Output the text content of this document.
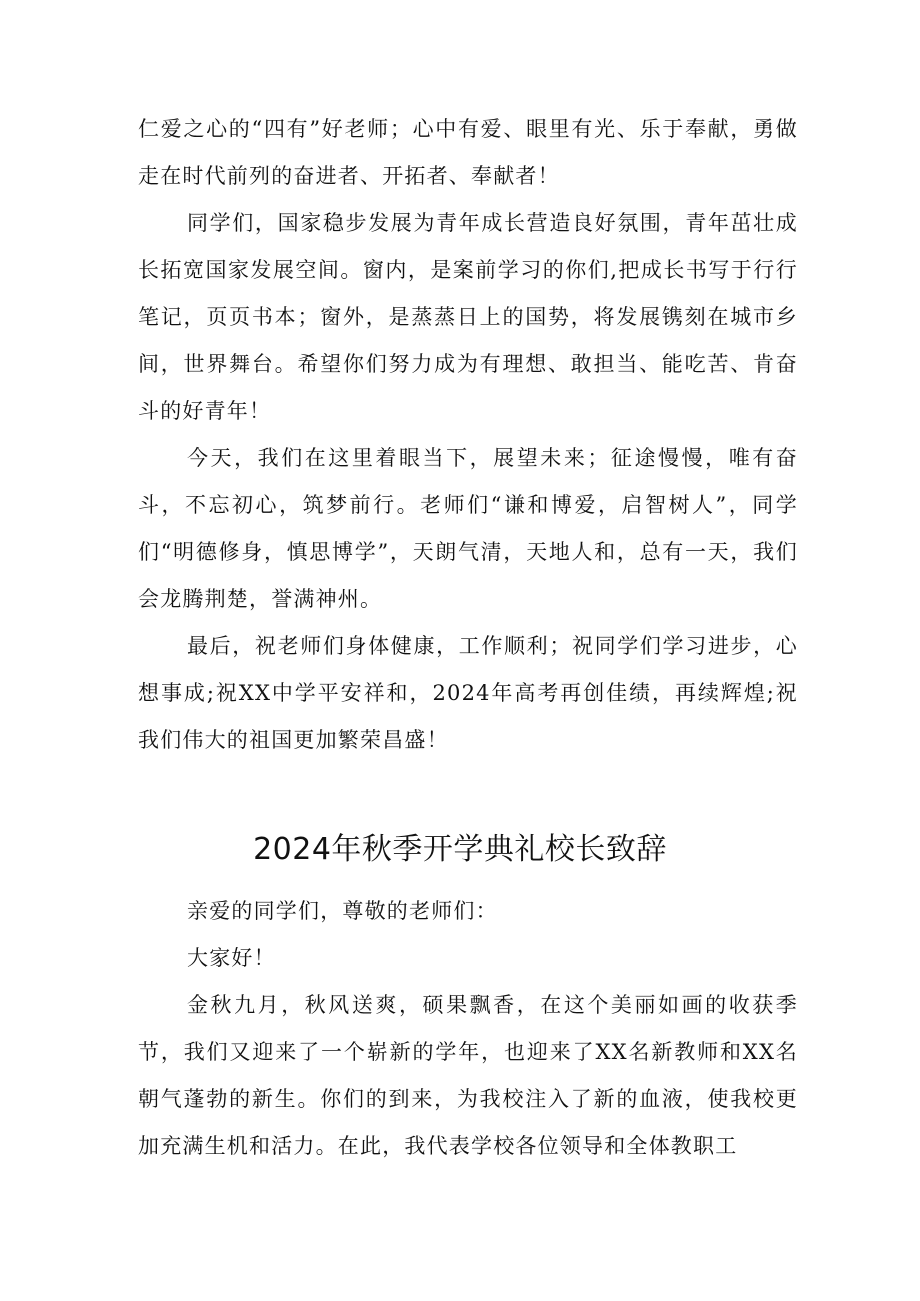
仁爱之心的“四有”好老师；心中有爱、眼里有光、乐于奉献，勇做走在时代前列的奋进者、开拓者、奉献者！

同学们，国家稳步发展为青年成长营造良好氛围，青年茁壮成长拓宽国家发展空间。窗内，是案前学习的你们,把成长书写于行行笔记，页页书本；窗外，是蒸蒸日上的国势，将发展镌刻在城市乡间，世界舞台。希望你们努力成为有理想、敢担当、能吃苦、肯奋斗的好青年！

今天，我们在这里着眼当下，展望未来；征途慢慢，唯有奋斗，不忘初心，筑梦前行。老师们“谦和博爱，启智树人”，同学们“明德修身，慎思博学”，天朗气清，天地人和，总有一天，我们会龙腾荆楚，誉满神州。

最后，祝老师们身体健康，工作顺利；祝同学们学习进步，心想事成;祝XX中学平安祥和，2024年高考再创佳绩，再续辉煌;祝我们伟大的祖国更加繁荣昌盛！

2024年秋季开学典礼校长致辞

亲爱的同学们，尊敬的老师们：

大家好！

金秋九月，秋风送爽，硕果飘香，在这个美丽如画的收获季节，我们又迎来了一个崭新的学年，也迎来了XX名新教师和XX名朝气蓬勃的新生。你们的到来，为我校注入了新的血液，使我校更加充满生机和活力。在此，我代表学校各位领导和全体教职工
